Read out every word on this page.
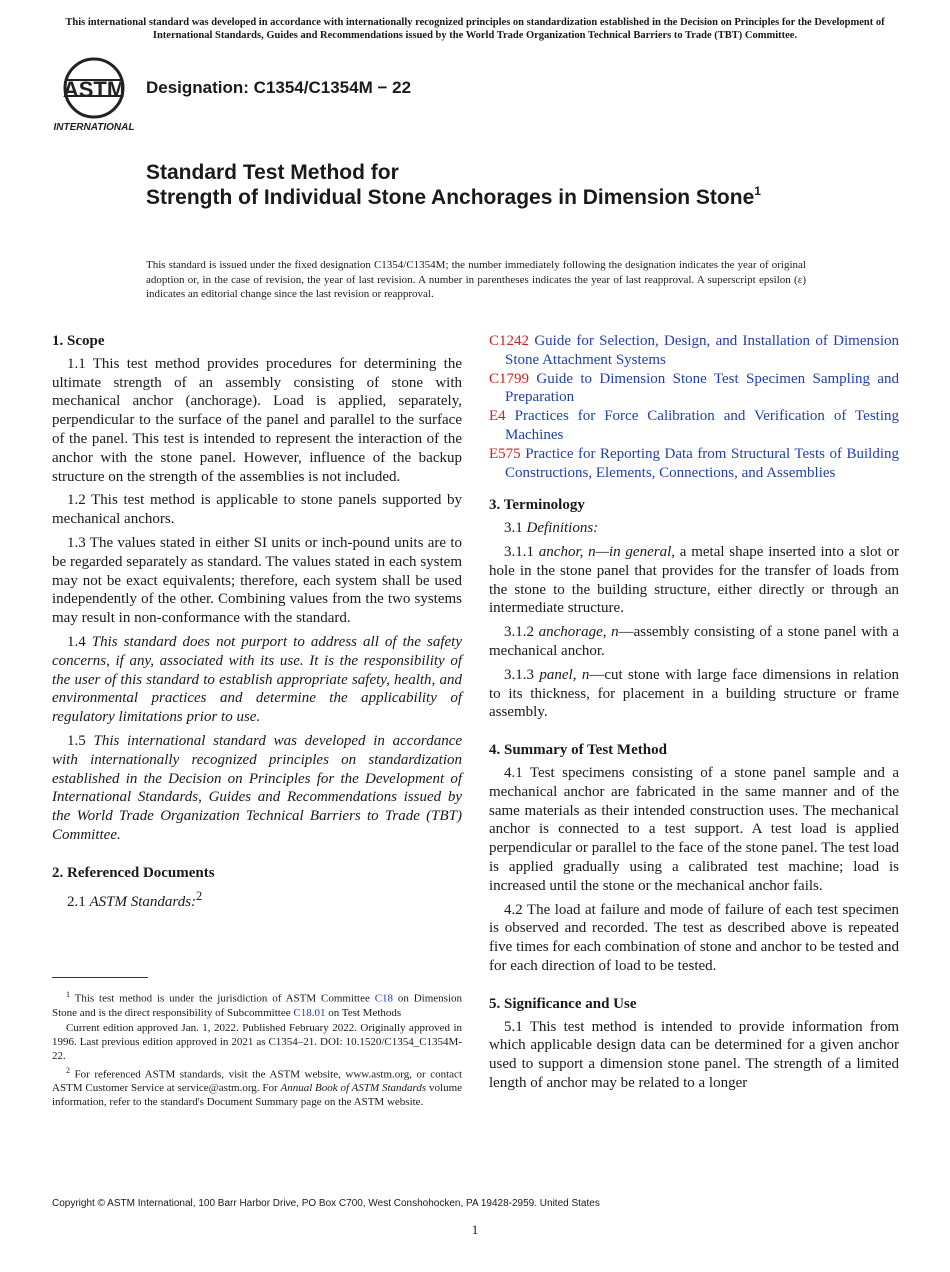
This international standard was developed in accordance with internationally recognized principles on standardization established in the Decision on Principles for the Development of International Standards, Guides and Recommendations issued by the World Trade Organization Technical Barriers to Trade (TBT) Committee.
ASTM
INTERNATIONAL
Designation: C1354/C1354M − 22
Standard Test Method for
Strength of Individual Stone Anchorages in Dimension Stone$^1$
This standard is issued under the fixed designation C1354/C1354M; the number immediately following the designation indicates the year of original adoption or, in the case of revision, the year of last revision. A number in parentheses indicates the year of last reapproval. A superscript epsilon (ε) indicates an editorial change since the last revision or reapproval.
1. Scope

1.1 This test method provides procedures for determining the ultimate strength of an assembly consisting of stone with mechanical anchor (anchorage). Load is applied, separately, perpendicular to the surface of the panel and parallel to the surface of the panel. This test is intended to represent the interaction of the anchor with the stone panel. However, influence of the backup structure on the strength of the assemblies is not included.

1.2 This test method is applicable to stone panels supported by mechanical anchors.

1.3 The values stated in either SI units or inch-pound units are to be regarded separately as standard. The values stated in each system may not be exact equivalents; therefore, each system shall be used independently of the other. Combining values from the two systems may result in non-conformance with the standard.

1.4 This standard does not purport to address all of the safety concerns, if any, associated with its use. It is the responsibility of the user of this standard to establish appropriate safety, health, and environmental practices and determine the applicability of regulatory limitations prior to use.

1.5 This international standard was developed in accordance with internationally recognized principles on standardization established in the Decision on Principles for the Development of International Standards, Guides and Recommendations issued by the World Trade Organization Technical Barriers to Trade (TBT) Committee.

2. Referenced Documents

2.1 ASTM Standards:$^2$

$^1$ This test method is under the jurisdiction of ASTM Committee C18 on Dimension Stone and is the direct responsibility of Subcommittee C18.01 on Test Methods

Current edition approved Jan. 1, 2022. Published February 2022. Originally approved in 1996. Last previous edition approved in 2021 as C1354–21. DOI: 10.1520/C1354_C1354M-22.

$^2$ For referenced ASTM standards, visit the ASTM website, www.astm.org, or contact ASTM Customer Service at service@astm.org. For Annual Book of ASTM Standards volume information, refer to the standard's Document Summary page on the ASTM website.

C1242 Guide for Selection, Design, and Installation of Dimension Stone Attachment Systems
C1799 Guide to Dimension Stone Test Specimen Sampling and Preparation
E4 Practices for Force Calibration and Verification of Testing Machines
E575 Practice for Reporting Data from Structural Tests of Building Constructions, Elements, Connections, and Assemblies
3. Terminology

3.1 Definitions:

3.1.1 anchor, n—in general, a metal shape inserted into a slot or hole in the stone panel that provides for the transfer of loads from the stone to the building structure, either directly or through an intermediate structure.

3.1.2 anchorage, n—assembly consisting of a stone panel with a mechanical anchor.

3.1.3 panel, n—cut stone with large face dimensions in relation to its thickness, for placement in a building structure or frame assembly.

4. Summary of Test Method

4.1 Test specimens consisting of a stone panel sample and a mechanical anchor are fabricated in the same manner and of the same materials as their intended construction uses. The mechanical anchor is connected to a test support. A test load is applied perpendicular or parallel to the face of the stone panel. The test load is applied gradually using a calibrated test machine; load is increased until the stone or the mechanical anchor fails.

4.2 The load at failure and mode of failure of each test specimen is observed and recorded. The test as described above is repeated five times for each combination of stone and anchor to be tested and for each direction of load to be tested.

5. Significance and Use

5.1 This test method is intended to provide information from which applicable design data can be determined for a given anchor used to support a dimension stone panel. The strength of a limited length of anchor may be related to a longer

Copyright © ASTM International, 100 Barr Harbor Drive, PO Box C700, West Conshohocken, PA 19428-2959. United States
1
